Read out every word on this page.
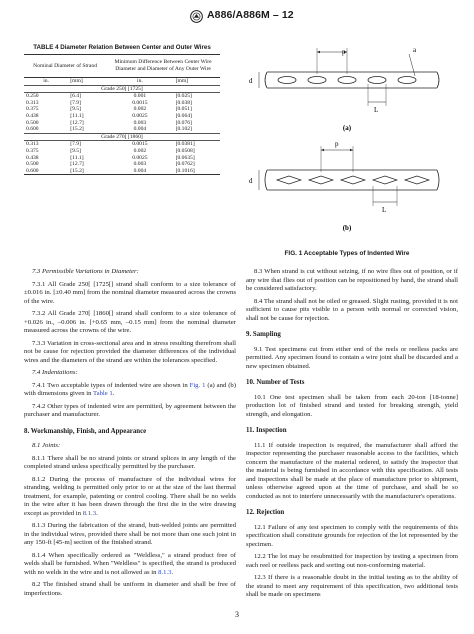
A886/A886M – 12
TABLE 4 Diameter Relation Between Center and Outer Wires
Nominal Diameter of Strand		Minimum Difference Between Center Wire Diameter and Diameter of Any Outer Wire	
in.	[mm]	in.	[mm]
Grade 250[ [1725]			
0.250	[6.4]	0.001	[0.025]
0.313	[7.9]	0.0015	[0.038]
0.375	[9.5]	0.002	[0.051]
0.438	[11.1]	0.0025	[0.064]
0.500	[12.7]	0.003	[0.076]
0.600	[15.2]	0.004	[0.102]
Grade 270[ [1860]			
0.313	[7.9]	0.0015	[0.0381]
0.375	[9.5]	0.002	[0.0508]
0.438	[11.1]	0.0025	[0.0635]
0.500	[12.7]	0.003	[0.0762]
0.600	[15.2]	0.004	[0.1016]
p	a
d
L
(a)
p
d
L
(b)
FIG. 1 Acceptable Types of Indented Wire

7.3 Permissible Variations in Diameter:

7.3.1 All Grade 250[ [1725[] strand shall conform to a size tolerance of ±0.016 in. [±0.40 mm] from the nominal diameter measured across the crowns of the wire.

7.3.2 All Grade 270[ [1860[] strand shall conform to a size tolerance of +0.026 in., –0.006 in. [+0.65 mm, –0.15 mm] from the nominal diameter measured across the crowns of the wire.

7.3.3 Variation in cross-sectional area and in stress resulting therefrom shall not be cause for rejection provided the diameter differences of the individual wires and the diameters of the strand are within the tolerances specified.

7.4 Indentations:

7.4.1 Two acceptable types of indented wire are shown in Fig. 1 (a) and (b) with dimensions given in Table 1.

7.4.2 Other types of indented wire are permitted, by agreement between the purchaser and manufacturer.

8. Workmanship, Finish, and Appearance

8.1 Joints:

8.1.1 There shall be no strand joints or strand splices in any length of the completed strand unless specifically permitted by the purchaser.

8.1.2 During the process of manufacture of the individual wires for stranding, welding is permitted only prior to or at the size of the last thermal treatment, for example, patenting or control cooling. There shall be no welds in the wire after it has been drawn through the first die in the wire drawing except as provided in 8.1.3.

8.1.3 During the fabrication of the strand, butt-welded joints are permitted in the individual wires, provided there shall be not more than one such joint in any 150-ft [45-m] section of the finished strand.

8.1.4 When specifically ordered as "Weldless," a strand product free of welds shall be furnished. When "Weldless" is specified, the strand is produced with no welds in the wire and is not allowed as in 8.1.3.

8.2 The finished strand shall be uniform in diameter and shall be free of imperfections.

8.3 When strand is cut without seizing, if no wire flies out of position, or if any wire that flies out of position can be repositioned by hand, the strand shall be considered satisfactory.

8.4 The strand shall not be oiled or greased. Slight rusting, provided it is not sufficient to cause pits visible to a person with normal or corrected vision, shall not be cause for rejection.

9. Sampling

9.1 Test specimens cut from either end of the reels or reelless packs are permitted. Any specimen found to contain a wire joint shall be discarded and a new specimen obtained.

10. Number of Tests

10.1 One test specimen shall be taken from each 20-ton [18-tonne] production lot of finished strand and tested for breaking strength, yield strength, and elongation.

11. Inspection

11.1 If outside inspection is required, the manufacturer shall afford the inspector representing the purchaser reasonable access to the facilities, which concern the manufacture of the material ordered, to satisfy the inspector that the material is being furnished in accordance with this specification. All tests and inspections shall be made at the place of manufacture prior to shipment, unless otherwise agreed upon at the time of purchase, and shall be so conducted as not to interfere unnecessarily with the manufacturer's operations.

12. Rejection

12.1 Failure of any test specimen to comply with the requirements of this specification shall constitute grounds for rejection of the lot represented by the specimen.

12.2 The lot may be resubmitted for inspection by testing a specimen from each reel or reelless pack and sorting out non-conforming material.

12.3 If there is a reasonable doubt in the initial testing as to the ability of the strand to meet any requirement of this specification, two additional tests shall be made on specimens

3
